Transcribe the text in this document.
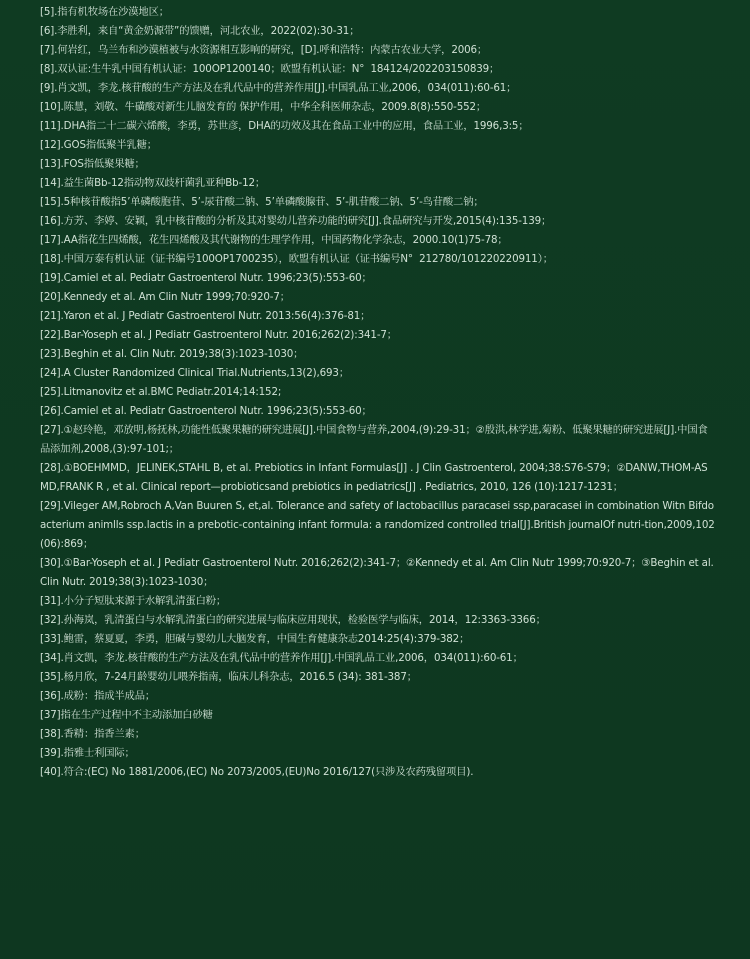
[5].指有机牧场在沙漠地区；
[6].李胜利，来自“黄金奶源带”的馈赠，河北农业，2022(02):30-31；
[7].何岩红，乌兰布和沙漠植被与水资源相互影响的研究，[D].呼和浩特：内蒙古农业大学，2006；
[8].双认证:生牛乳中国有机认证：100OP1200140；欧盟有机认证：N°  184124/202203150839；
[9].肖文凯，李龙.核苷酸的生产方法及在乳代品中的营养作用[J].中国乳品工业,2006，034(011):60-61；
[10].陈慧，刘敬、牛磺酸对新生儿脑发育的 保护作用，中华全科医师杂志，2009.8(8):550-552；
[11].DHA指二十二碳六烯酸，李勇，苏世彦，DHA的功效及其在食品工业中的应用，食品工业，1996,3:5；
[12].GOS指低聚半乳糖；
[13].FOS指低聚果糖；
[14].益生菌Bb-12指动物双歧杆菌乳亚种Bb-12；
[15].5种核苷酸指5’单磷酸胞苷、5’-尿苷酸二钠、5’单磷酸腺苷、5’-肌苷酸二钠、5’-鸟苷酸二钠；
[16].方芳、李婷、安颖，乳中核苷酸的分析及其对婴幼儿营养功能的研究[J].食品研究与开发,2015(4):135-139；
[17].AA指花生四烯酸，花生四烯酸及其代谢物的生理学作用，中国药物化学杂志，2000.10(1)75-78；
[18].中国万泰有机认证（证书编号100OP1700235），欧盟有机认证（证书编号N°  212780/101220220911）；
[19].Camiel et al. Pediatr Gastroenterol Nutr. 1996;23(5):553-60；
[20].Kennedy et al. Am Clin Nutr 1999;70:920-7；
[21].Yaron et al. J Pediatr Gastroenterol Nutr. 2013:56(4):376-81；
[22].Bar-Yoseph et al. J Pediatr Gastroenterol Nutr. 2016;262(2):341-7；
[23].Beghin et al. Clin Nutr. 2019;38(3):1023-1030；
[24].A Cluster Randomized Clinical Trial.Nutrients,13(2),693；
[25].Litmanovitz et al.BMC Pediatr.2014;14:152;
[26].Camiel et al. Pediatr Gastroenterol Nutr. 1996;23(5):553-60；
[27].①赵玲艳，邓放明,杨抚林,功能性低聚果糖的研究进展[J].中国食物与营养,2004,(9):29-31；②殷洪,林学进,菊粉、低聚果糖的研究进展[J].中国食品添加剂,2008,(3):97-101;；
[28].①BOEHMMD，JELINEK,STAHL B, et al. Prebiotics in Infant Formulas[J] . J Clin Gastroenterol, 2004;38:S76-S79；②DANW,THOM-ASMD,FRANK R , et al. Clinical report—probioticsand prebiotics in pediatrics[J] . Pediatrics, 2010, 126 (10):1217-1231；
[29].Vileger AM,Robroch A,Van Buuren S, et,al. Tolerance and safety of lactobacillus paracasei ssp,paracasei in combination Witn Bifdoacterium animlls ssp.lactis in a prebotic-containing infant formula: a randomized controlled trial[J].British journalOf nutri-tion,2009,102(06):869；
[30].①Bar-Yoseph et al. J Pediatr Gastroenterol Nutr. 2016;262(2):341-7；②Kennedy et al. Am Clin Nutr 1999;70:920-7；③Beghin et al. Clin Nutr. 2019;38(3):1023-1030；
[31].小分子短肽来源于水解乳清蛋白粉；
[32].孙海岚，乳清蛋白与水解乳清蛋白的研究进展与临床应用现状，检验医学与临床，2014，12:3363-3366；
[33].鲍雷，蔡夏夏，李勇，胆碱与婴幼儿大脑发育，中国生育健康杂志2014:25(4):379-382；
[34].肖文凯，李龙.核苷酸的生产方法及在乳代品中的营养作用[J].中国乳品工业,2006，034(011):60-61；
[35].杨月欣，7-24月龄婴幼儿喂养指南，临床儿科杂志，2016.5 (34): 381-387；
[36].成粉：指成半成品；
[37]指在生产过程中不主动添加白砂糖
[38].香精：指香兰素；
[39].指雅士利国际；
[40].符合:(EC) No 1881/2006,(EC) No 2073/2005,(EU)No 2016/127(只涉及农药残留项目).
